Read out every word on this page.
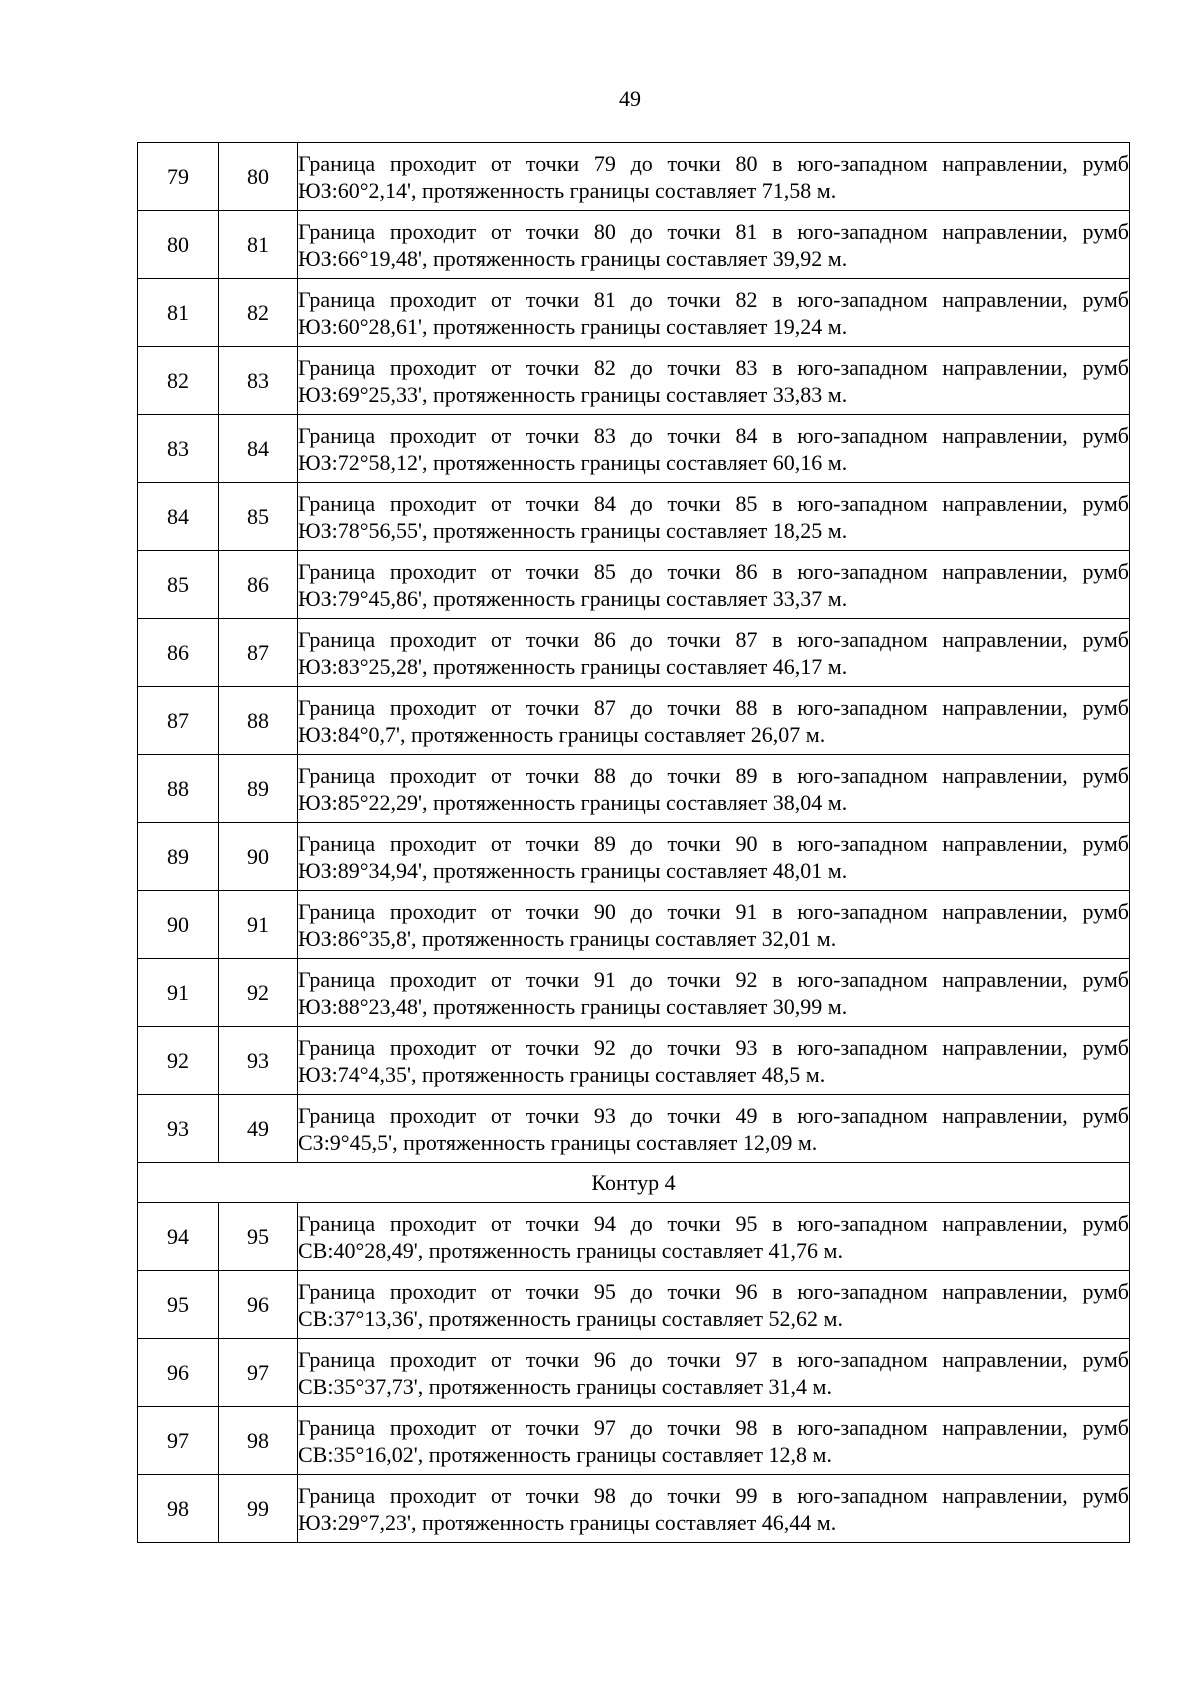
49
79	80	Граница проходит от точки 79 до точки 80 в юго-западном направлении, румб
ЮЗ:60°2,14', протяженность границы составляет 71,58 м.

80	81	Граница проходит от точки 80 до точки 81 в юго-западном направлении, румб
ЮЗ:66°19,48', протяженность границы составляет 39,92 м.

81	82	Граница проходит от точки 81 до точки 82 в юго-западном направлении, румб
ЮЗ:60°28,61', протяженность границы составляет 19,24 м.

82	83	Граница проходит от точки 82 до точки 83 в юго-западном направлении, румб
ЮЗ:69°25,33', протяженность границы составляет 33,83 м.

83	84	Граница проходит от точки 83 до точки 84 в юго-западном направлении, румб
ЮЗ:72°58,12', протяженность границы составляет 60,16 м.

84	85	Граница проходит от точки 84 до точки 85 в юго-западном направлении, румб
ЮЗ:78°56,55', протяженность границы составляет 18,25 м.

85	86	Граница проходит от точки 85 до точки 86 в юго-западном направлении, румб
ЮЗ:79°45,86', протяженность границы составляет 33,37 м.

86	87	Граница проходит от точки 86 до точки 87 в юго-западном направлении, румб
ЮЗ:83°25,28', протяженность границы составляет 46,17 м.

87	88	Граница проходит от точки 87 до точки 88 в юго-западном направлении, румб
ЮЗ:84°0,7', протяженность границы составляет 26,07 м.

88	89	Граница проходит от точки 88 до точки 89 в юго-западном направлении, румб
ЮЗ:85°22,29', протяженность границы составляет 38,04 м.

89	90	Граница проходит от точки 89 до точки 90 в юго-западном направлении, румб
ЮЗ:89°34,94', протяженность границы составляет 48,01 м.

90	91	Граница проходит от точки 90 до точки 91 в юго-западном направлении, румб
ЮЗ:86°35,8', протяженность границы составляет 32,01 м.

91	92	Граница проходит от точки 91 до точки 92 в юго-западном направлении, румб
ЮЗ:88°23,48', протяженность границы составляет 30,99 м.

92	93	Граница проходит от точки 92 до точки 93 в юго-западном направлении, румб
ЮЗ:74°4,35', протяженность границы составляет 48,5 м.

93	49	Граница проходит от точки 93 до точки 49 в юго-западном направлении, румб
СЗ:9°45,5', протяженность границы составляет 12,09 м.

Контур 4		
94	95	Граница проходит от точки 94 до точки 95 в юго-западном направлении, румб
СВ:40°28,49', протяженность границы составляет 41,76 м.

95	96	Граница проходит от точки 95 до точки 96 в юго-западном направлении, румб
СВ:37°13,36', протяженность границы составляет 52,62 м.

96	97	Граница проходит от точки 96 до точки 97 в юго-западном направлении, румб
СВ:35°37,73', протяженность границы составляет 31,4 м.

97	98	Граница проходит от точки 97 до точки 98 в юго-западном направлении, румб
СВ:35°16,02', протяженность границы составляет 12,8 м.

98	99	Граница проходит от точки 98 до точки 99 в юго-западном направлении, румб
ЮЗ:29°7,23', протяженность границы составляет 46,44 м.
